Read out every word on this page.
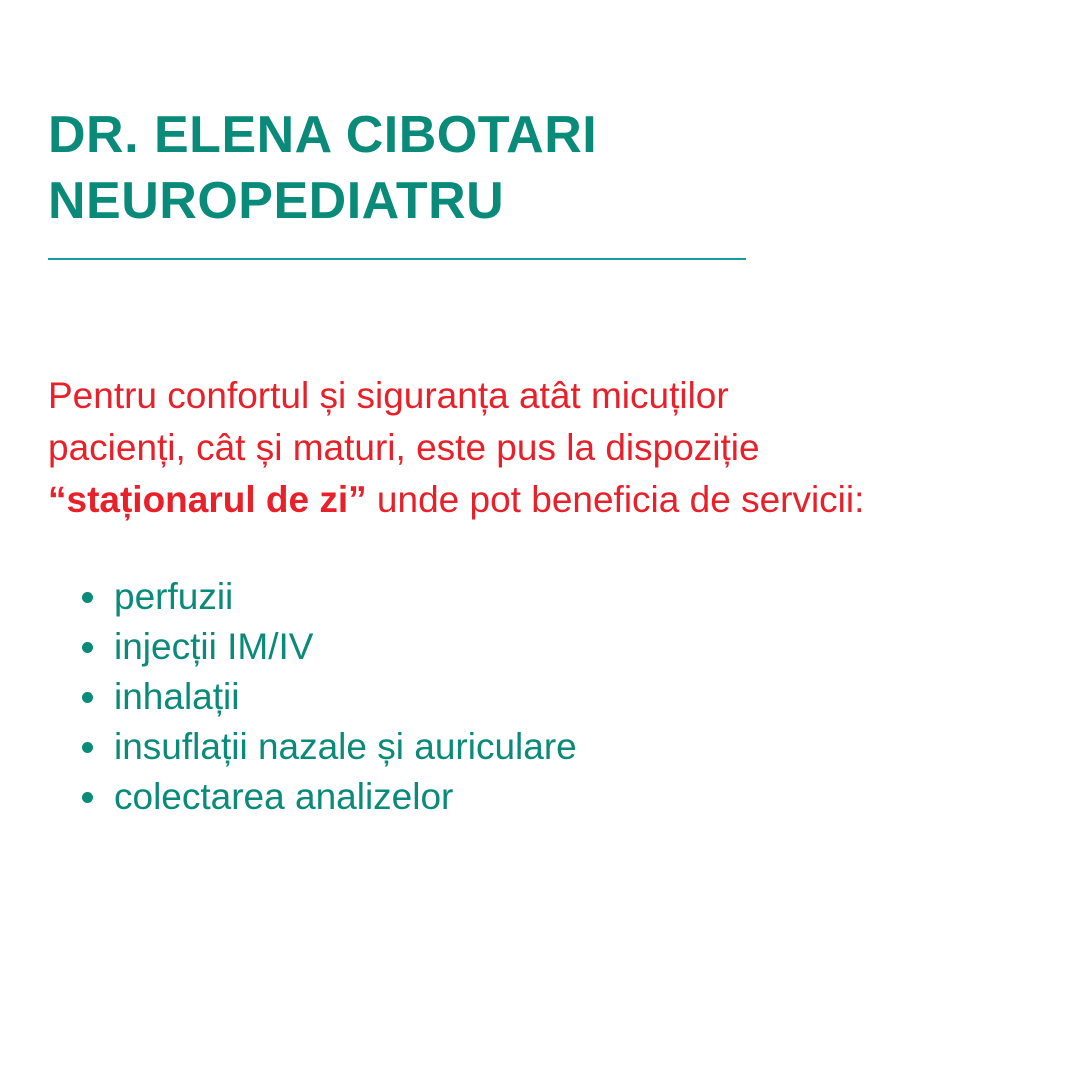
DR. ELENA CIBOTARI
NEUROPEDIATRU
Pentru confortul și siguranța atât micuților
pacienți, cât și maturi, este pus la dispoziție
“staționarul de zi” unde pot beneficia de servicii:
perfuzii
injecții IM/IV
inhalații
insuflații nazale și auriculare
colectarea analizelor
